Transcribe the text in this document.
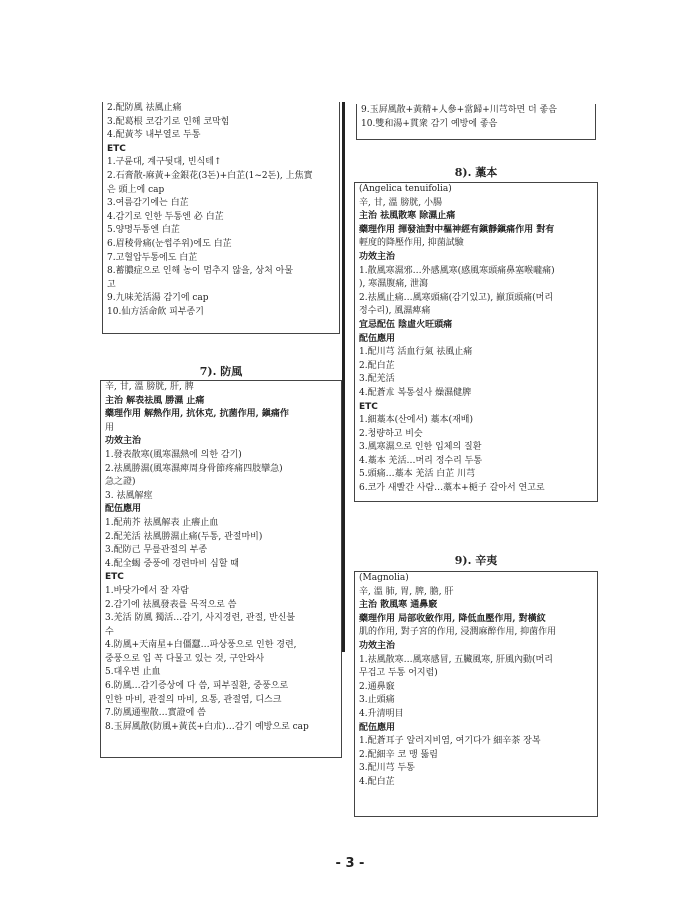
2.配防風 祛風止痛
3.配葛根 코감기로 인해 코막힘
4.配黃芩 내부열로 두통
ETC
1.구륜대, 계구뒷대, 빈식테↑
2.石膏散-麻黃+金銀花(3돈)+白芷(1~2돈), 上焦實
은 頭上에 cap
3.여름감기에는 白芷
4.감기로 인한 두통엔 必 白芷
5.양명두통엔 白芷
6.眉稜骨痛(눈썹주위)에도 白芷
7.고혈압두통에도 白芷
8.蓄膿症으로 인해 농이 멈추지 않을, 상처 아물
고
9.九味羌活湯 감기에 cap
10.仙方活命飮 피부종기
9.玉屛風散+黃精+人參+當歸+川芎하면 더 좋음
10.雙和湯+貫衆 감기 예방에 좋음
7). 防風
辛, 甘, 溫 膀胱, 肝, 脾
主治 解表祛風 勝濕 止痛
藥理作用 解熱作用, 抗休克, 抗菌作用, 鎭痛作
用
功效主治
1.發表散寒(風寒濕熱에 의한 감기)
2.祛風勝濕(風寒濕痺周身骨節疼痛四肢攣急)
急之證)
3. 祛風解痙
配伍應用
1.配荊芥 祛風解表 止癢止血
2.配羌活 祛風勝濕止痛(두통, 관절마비)
3.配防己 무릎관절의 부종
4.配全蝎 중풍에 경련마비 심할 때
ETC
1.바닷가에서 잘 자람
2.감기에 祛風發表를 목적으로 씀
3.羌活 防風 獨活…감기, 사지경련, 관절, 반신불
수
4.防風+天南星+白僵蠶…파상풍으로 인한 경련,
중풍으로 입 꼭 다물고 있는 것, 구안와사
5.대우변 止血
6.防風…감기증상에 다 씀, 피부질환, 중풍으로
인한 마비, 관절의 마비, 요통, 관절염, 디스크
7.防風通聖散…實證에 씀
8.玉屛風散(防風+黃芪+白朮)…감기 예방으로 cap
8). 藁本
(Angelica tenuifolia)
辛, 甘, 溫 膀胱, 小腸
主治 祛風散寒 除濕止痛
藥理作用 揮發油對中樞神經有鎭靜鎭痛作用 對有
輕度的降壓作用, 抑菌試驗
功效主治
1.散風寒濕邪…外感風寒(感風寒頭痛鼻塞喉嚨痛)
), 寒濕腹痛, 泄瀉
2.祛風止痛…風寒頭痛(감기있고), 巓頂頭痛(머리
정수리), 風濕痺痛
宜忌配伍 陰虛火旺頭痛
配伍應用
1.配川芎 活血行氣 祛風止痛
2.配白芷
3.配羌活
4.配蒼朮 복통설사 燥濕健脾
ETC
1.細藁本(산에서) 藁本(재배)
2.청량하고 비슷
3.風寒濕으로 인한 입체의 질환
4.藁本 羌活…머리 정수리 두통
5.頭痛…藁本 羌活 白芷 川芎
6.코가 새빨간 사람…藁本+梔子 갈아서 연고로
9). 辛夷
(Magnolia)
辛, 溫 肺, 胃, 脾, 膽, 肝
主治 散風寒 通鼻竅
藥理作用 局部收斂作用, 降低血壓作用, 對橫紋
肌的作用, 對子宮的作用, 浸潤麻醉作用, 抑菌作用
功效主治
1.祛風散寒…風寒感冒, 五臟風寒, 肝風內動(머리
무겁고 두통 어지럼)
2.通鼻竅
3.止頭痛
4.升清明目
配伍應用
1.配蒼耳子 알러지비염, 여기다가 細辛茶 장복
2.配細辛 코 맹 뚫림
3.配川芎 두통
4.配白芷
- 3 -
